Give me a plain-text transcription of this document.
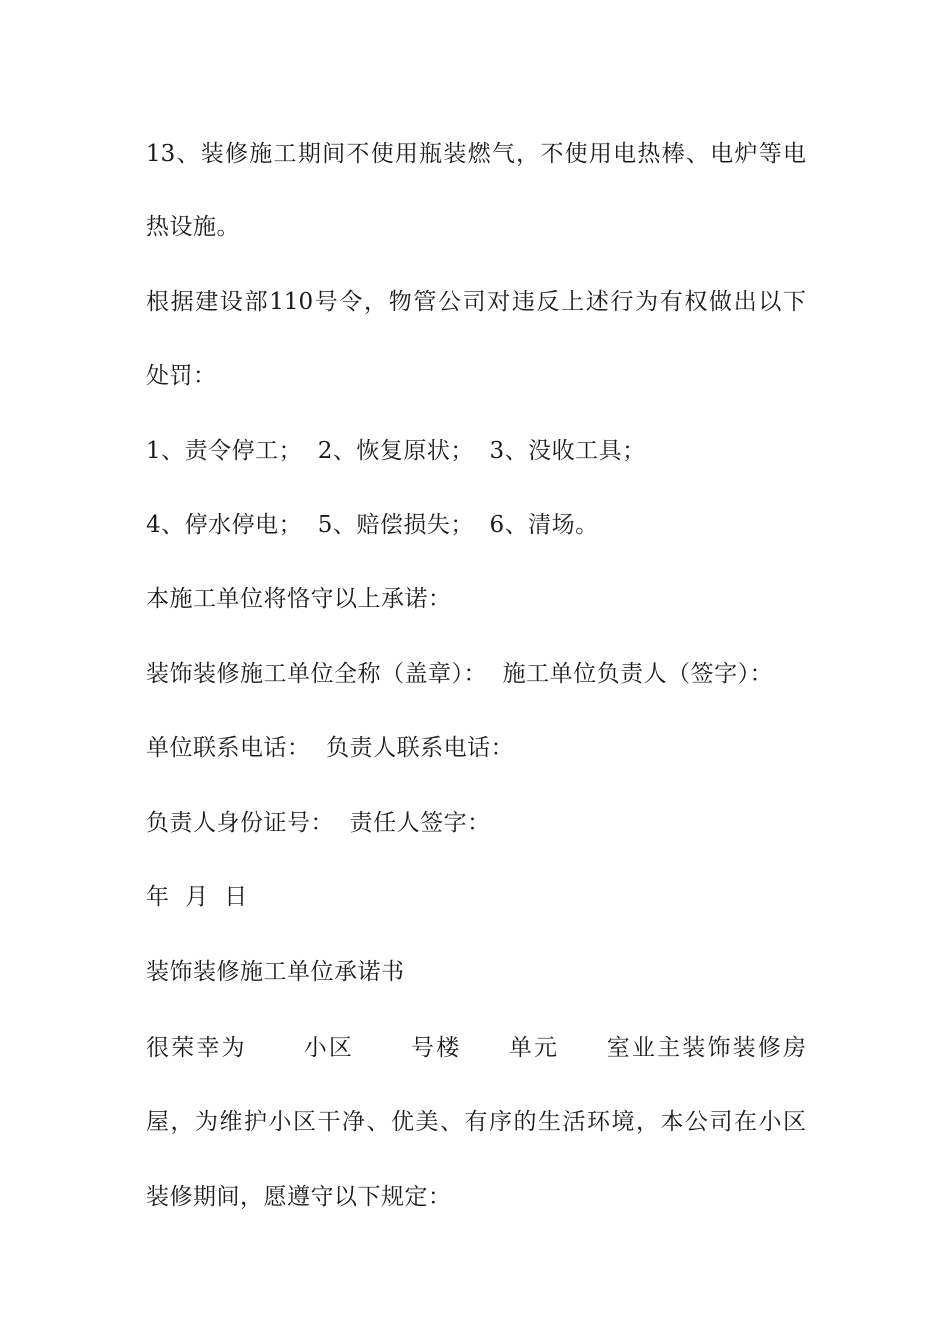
13、装修施工期间不使用瓶装燃气，不使用电热棒、电炉等电
热设施。
根据建设部110号令，物管公司对违反上述行为有权做出以下
处罚：
1、责令停工；  2、恢复原状；  3、没收工具；
4、停水停电；  5、赔偿损失；  6、清场。
本施工单位将恪守以上承诺：
装饰装修施工单位全称（盖章）：  施工单位负责人（签字）：
单位联系电话：  负责人联系电话：
负责人身份证号：  责任人签字：
年  月  日
装饰装修施工单位承诺书
很荣幸为      小区      号楼     单元     室业主装饰装修房
屋，为维护小区干净、优美、有序的生活环境，本公司在小区
装修期间，愿遵守以下规定：
